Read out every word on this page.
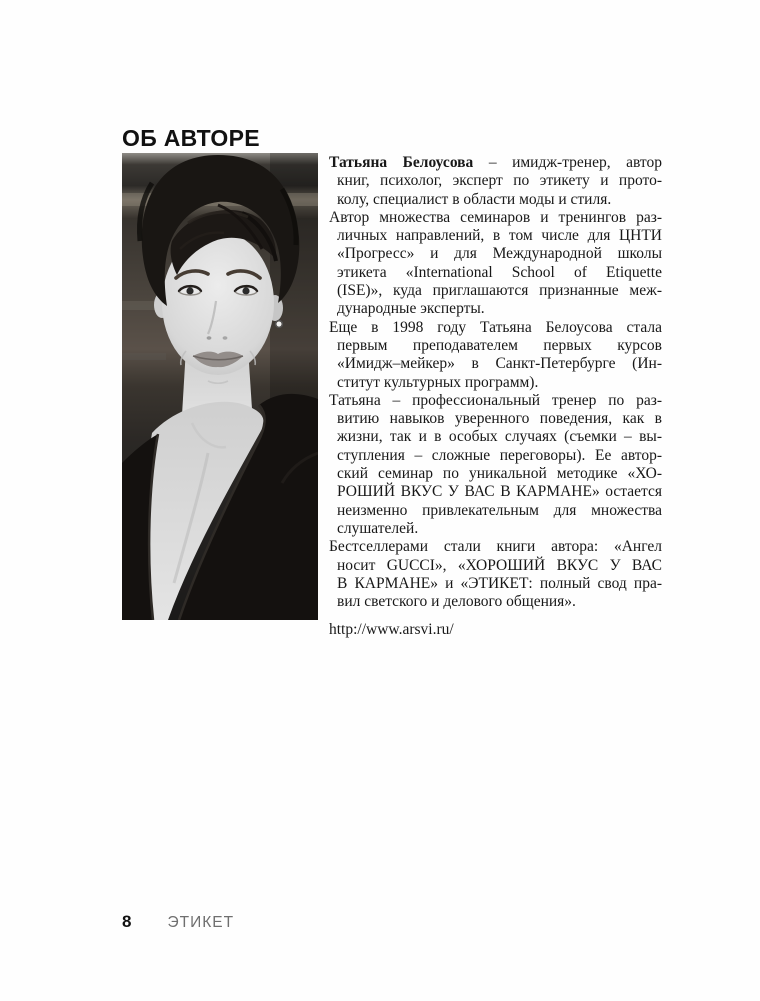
ОБ АВТОРЕ
Татьяна Белоусова – имидж-тренер, автор
книг, психолог, эксперт по этикету и прото-
колу, специалист в области моды и стиля.
Автор множества семинаров и тренингов раз-
личных направлений, в том числе для ЦНТИ
«Прогресс» и для Международной школы
этикета «International School of Etiquette
(ISE)», куда приглашаются признанные меж-
дународные эксперты.
Еще в 1998 году Татьяна Белоусова стала
первым преподавателем первых курсов
«Имидж–мейкер» в Санкт-Петербурге (Ин-
ститут культурных программ).
Татьяна – профессиональный тренер по раз-
витию навыков уверенного поведения, как в
жизни, так и в особых случаях (съемки – вы-
ступления – сложные переговоры). Ее автор-
ский семинар по уникальной методике «ХО-
РОШИЙ ВКУС У ВАС В КАРМАНЕ» остается
неизменно привлекательным для множества
слушателей.
Бестселлерами стали книги автора: «Ангел
носит GUCCI», «ХОРОШИЙ ВКУС У ВАС
В КАРМАНЕ» и «ЭТИКЕТ: полный свод пра-
вил светского и делового общения».
http://www.arsvi.ru/
8 ЭТИКЕТ
